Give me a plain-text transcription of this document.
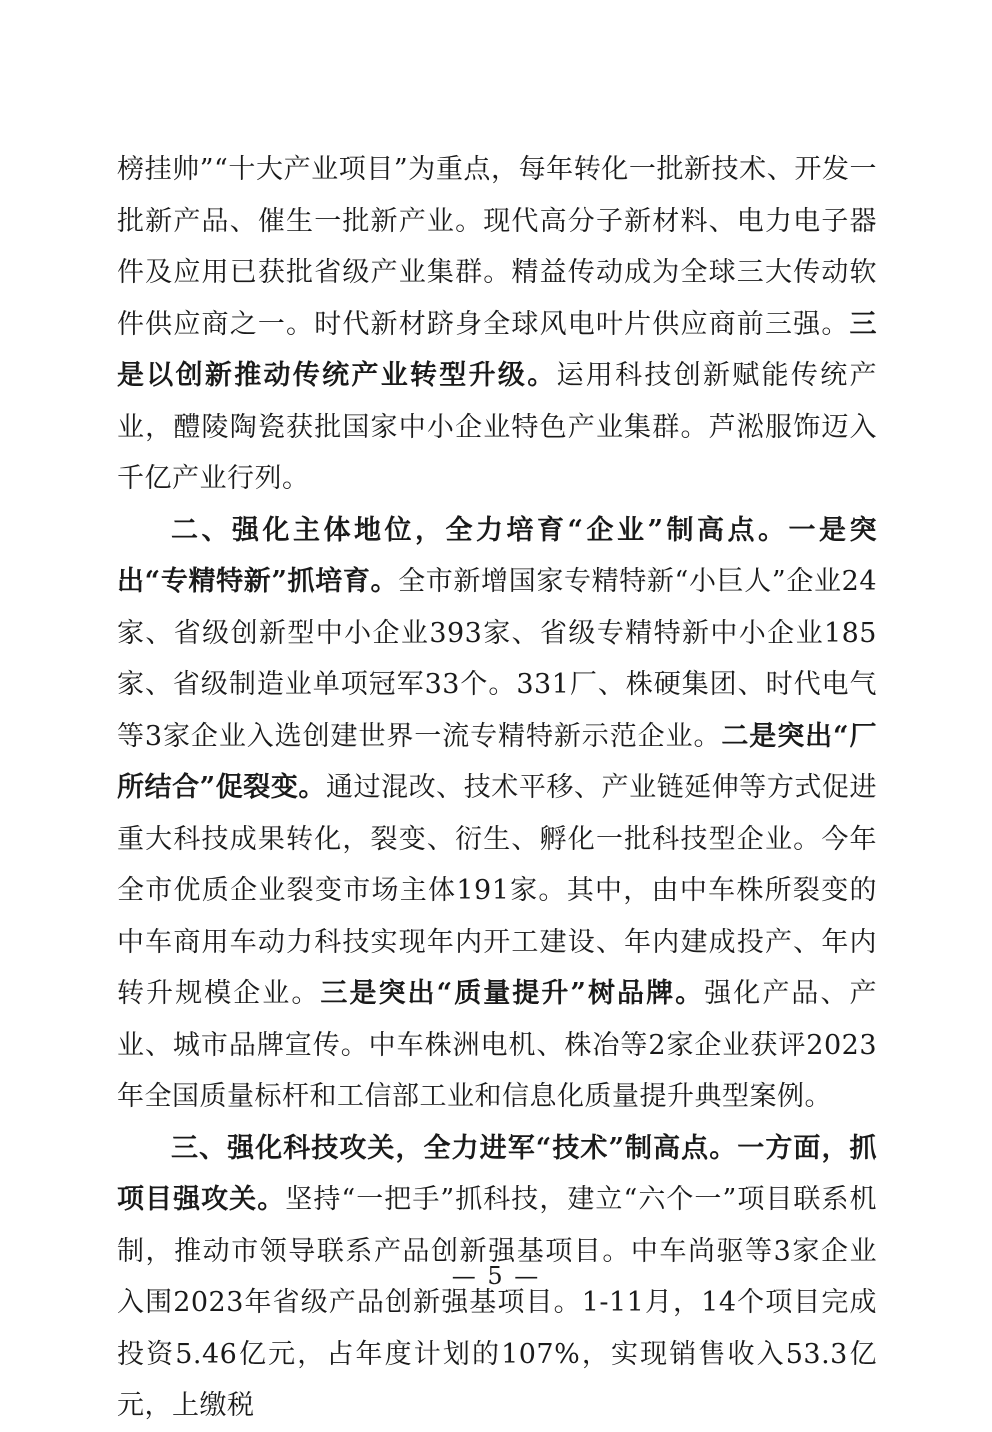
榜挂帅”“十大产业项目”为重点，每年转化一批新技术、开发一批新产品、催生一批新产业。现代高分子新材料、电力电子器件及应用已获批省级产业集群。精益传动成为全球三大传动软件供应商之一。时代新材跻身全球风电叶片供应商前三强。三是以创新推动传统产业转型升级。运用科技创新赋能传统产业，醴陵陶瓷获批国家中小企业特色产业集群。芦淞服饰迈入千亿产业行列。

二、强化主体地位，全力培育“企业”制高点。一是突出“专精特新”抓培育。全市新增国家专精特新“小巨人”企业24家、省级创新型中小企业393家、省级专精特新中小企业185家、省级制造业单项冠军33个。331厂、株硬集团、时代电气等3家企业入选创建世界一流专精特新示范企业。二是突出“厂所结合”促裂变。通过混改、技术平移、产业链延伸等方式促进重大科技成果转化，裂变、衍生、孵化一批科技型企业。今年全市优质企业裂变市场主体191家。其中，由中车株所裂变的中车商用车动力科技实现年内开工建设、年内建成投产、年内转升规模企业。三是突出“质量提升”树品牌。强化产品、产业、城市品牌宣传。中车株洲电机、株冶等2家企业获评2023年全国质量标杆和工信部工业和信息化质量提升典型案例。

三、强化科技攻关，全力进军“技术”制高点。一方面，抓项目强攻关。坚持“一把手”抓科技，建立“六个一”项目联系机制，推动市领导联系产品创新强基项目。中车尚驱等3家企业入围2023年省级产品创新强基项目。1-11月，14个项目完成投资5.46亿元，占年度计划的107%，实现销售收入53.3亿元，上缴税

— 5 —
